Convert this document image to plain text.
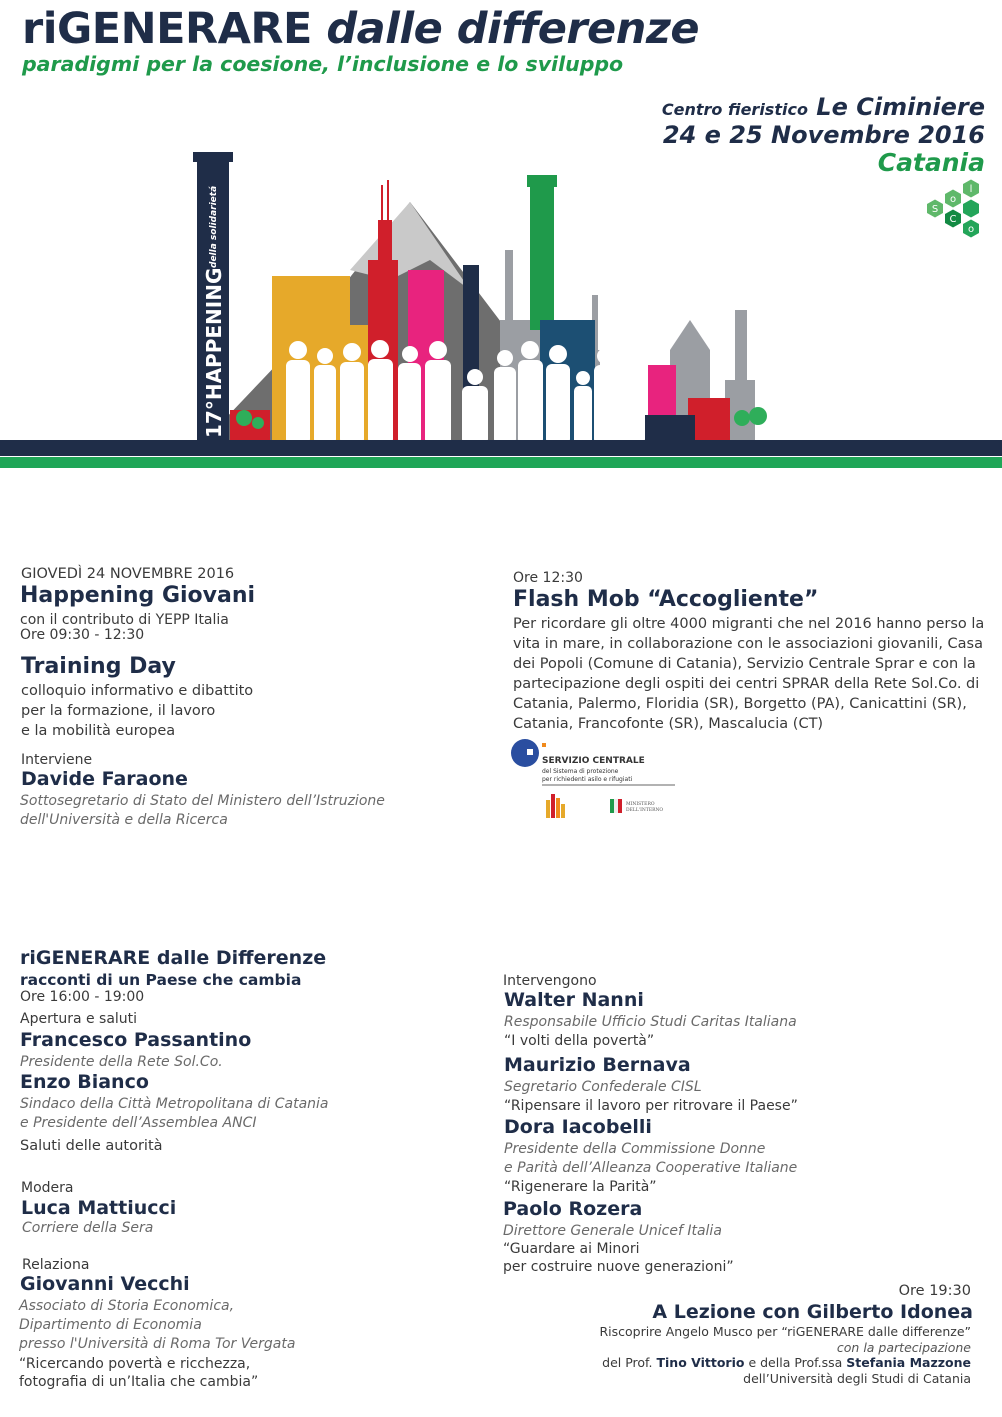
riGENERARE dalle differenze
paradigmi per la coesione, l’inclusione e lo sviluppo
Centro fieristico Le Ciminiere
24 e 25 Novembre 2016
Catania
S
o
l
C
o
17°HAPPENING
della solidarietá
GIOVEDÌ 24 NOVEMBRE 2016
Happening Giovani
con il contributo di YEPP Italia
Ore 09:30 - 12:30
Training Day
colloquio informativo e dibattito
per la formazione, il lavoro
e la mobilità europea
Interviene
Davide Faraone
Sottosegretario di Stato del Ministero dell’Istruzione
dell'Università e della Ricerca
Ore 12:30
Flash Mob “Accogliente”
Per ricordare gli oltre 4000 migranti che nel 2016 hanno perso la
vita in mare, in collaborazione con le associazioni giovanili, Casa
dei Popoli (Comune di Catania), Servizio Centrale Sprar e con la
partecipazione degli ospiti dei centri SPRAR della Rete Sol.Co. di
Catania, Palermo, Floridia (SR), Borgetto (PA), Canicattini (SR),
Catania, Francofonte (SR), Mascalucia (CT)
SERVIZIO CENTRALE
del Sistema di protezione
per richiedenti asilo e rifugiati
MINISTERO
DELL'INTERNO
riGENERARE dalle Differenze
racconti di un Paese che cambia
Ore 16:00 - 19:00
Apertura e saluti
Francesco Passantino
Presidente della Rete Sol.Co.
Enzo Bianco
Sindaco della Città Metropolitana di Catania
e Presidente dell’Assemblea ANCI
Saluti delle autorità
Modera
Luca Mattiucci
Corriere della Sera
Relaziona
Giovanni Vecchi
Associato di Storia Economica,
Dipartimento di Economia
presso l'Università di Roma Tor Vergata
“Ricercando povertà e ricchezza,
fotografia di un’Italia che cambia”
Intervengono
Walter Nanni
Responsabile Ufficio Studi Caritas Italiana
“I volti della povertà”
Maurizio Bernava
Segretario Confederale CISL
“Ripensare il lavoro per ritrovare il Paese”
Dora Iacobelli
Presidente della Commissione Donne
e Parità dell’Alleanza Cooperative Italiane
“Rigenerare la Parità”
Paolo Rozera
Direttore Generale Unicef Italia
“Guardare ai Minori
per costruire nuove generazioni”
Ore 19:30
A Lezione con Gilberto Idonea
Riscoprire Angelo Musco per “riGENERARE dalle differenze”
con la partecipazione
del Prof. Tino Vittorio e della Prof.ssa Stefania Mazzone
dell’Università degli Studi di Catania
